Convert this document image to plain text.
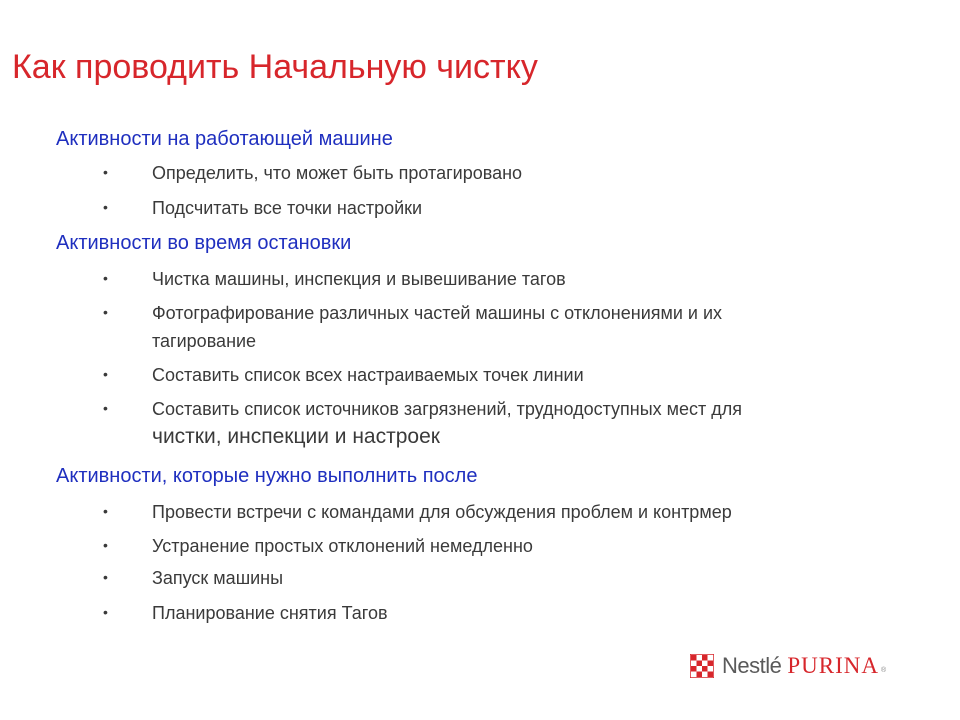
Как проводить Начальную чистку
Активности на работающей машине
• Определить, что может быть протагировано
• Подсчитать все точки настройки
Активности во время остановки
• Чистка машины, инспекция и вывешивание тагов
• Фотографирование различных частей машины с отклонениями и их
тагирование
• Составить список всех настраиваемых точек линии
• Составить список источников загрязнений, труднодоступных мест для
чистки, инспекции и настроек
Активности, которые нужно выполнить после
• Провести встречи с командами для обсуждения проблем и контрмер
• Устранение простых отклонений немедленно
• Запуск машины
• Планирование снятия Тагов
Nestlé PURINA ®
